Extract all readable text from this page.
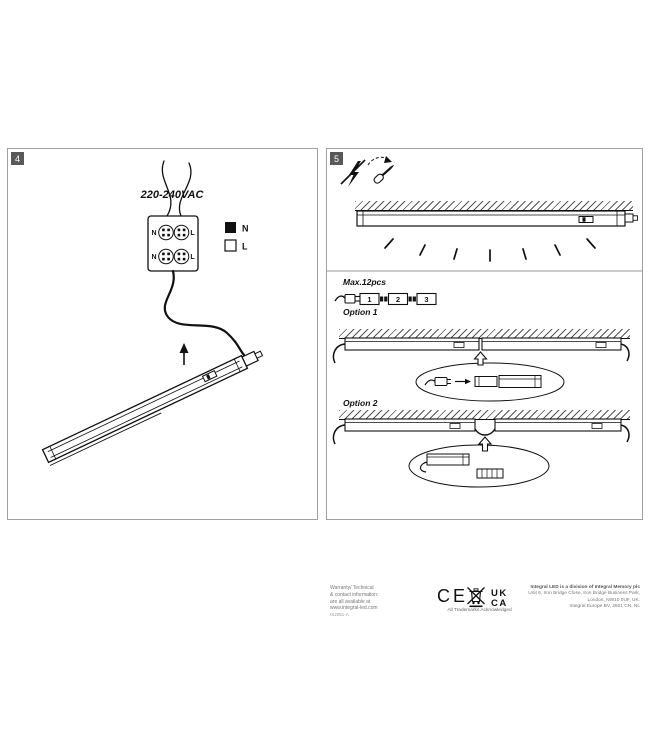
4
220-240VAC
N	L
N	L
N
L
5
Max.12pcs
Option 1
Option 2
1	2	3
Warranty/ Technical
& contact information:
are all available at
www.integral-led.com
IS2051-A
CE UK
CA
All Trademarks Acknowledged
Integral LED is a division of Integral Memory plc
Unit 6, Iron Bridge Close, Iron Bridge Business Park,
London, NW10 0UF, UK.
Integral Europe BV, 2801 CN, NL
